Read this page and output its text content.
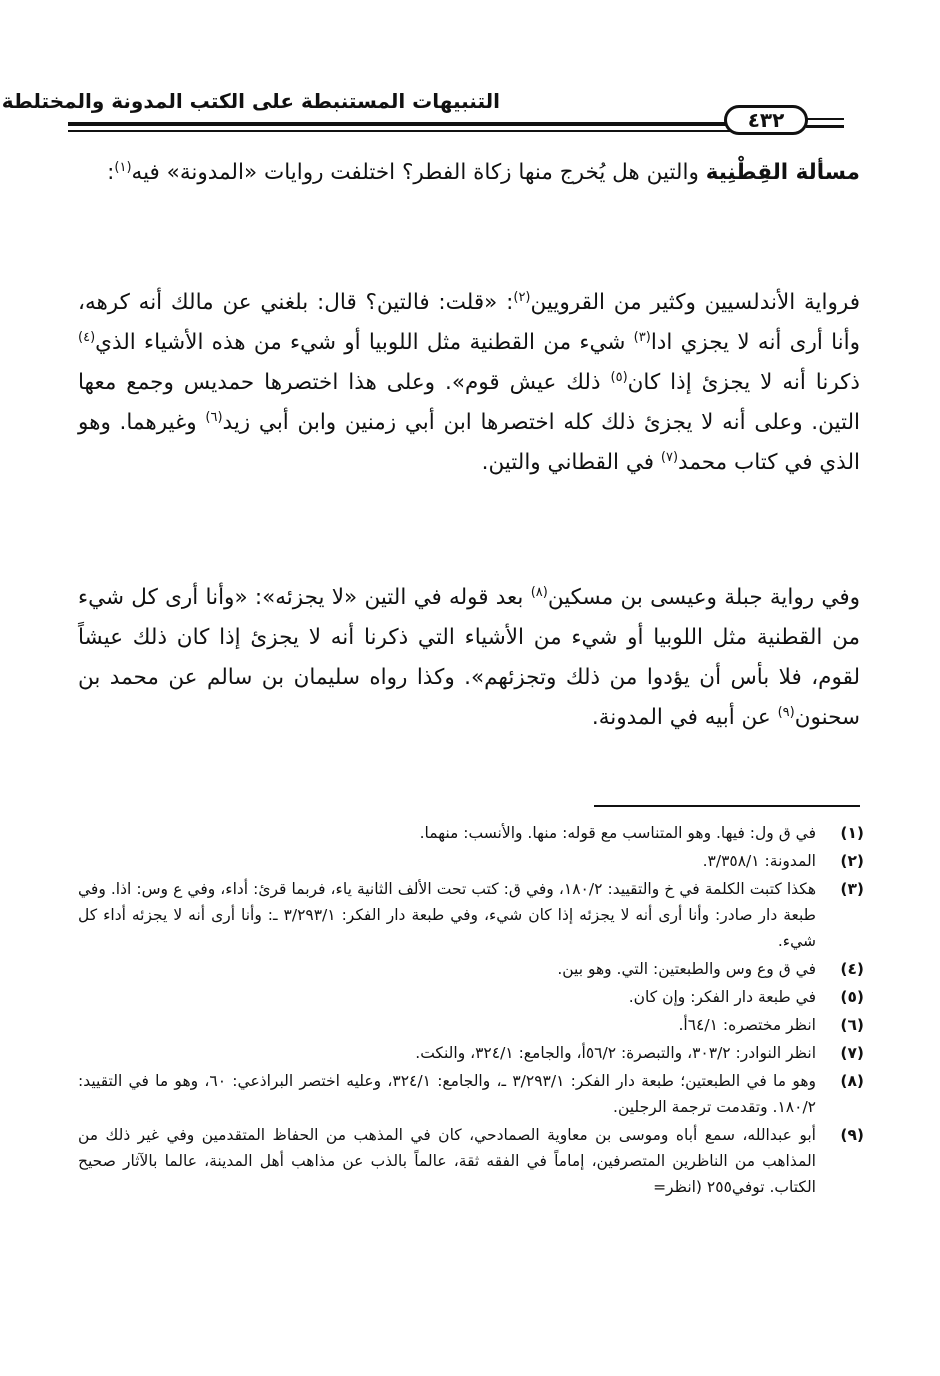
التنبيهات المستنبطة على الكتب المدونة والمختلطة
٤٣٢
مسألة القِطْنِية والتين هل يُخرج منها زكاة الفطر؟ اختلفت روايات «المدونة» فيه$^{(١)}$:
فرواية الأندلسيين وكثير من القرويين$^{(٢)}$: «قلت: فالتين؟ قال: بلغني عن مالك أنه كرهه، وأنا أرى أنه لا يجزي ادا$^{(٣)}$ شيء من القطنية مثل اللوبيا أو شيء من هذه الأشياء الذي$^{(٤)}$ ذكرنا أنه لا يجزئ إذا كان$^{(٥)}$ ذلك عيش قوم». وعلى هذا اختصرها حمديس وجمع معها التين. وعلى أنه لا يجزئ ذلك كله اختصرها ابن أبي زمنين وابن أبي زيد$^{(٦)}$ وغيرهما. وهو الذي في كتاب محمد$^{(٧)}$ في القطاني والتين.
وفي رواية جبلة وعيسى بن مسكين$^{(٨)}$ بعد قوله في التين «لا يجزئه»: «وأنا أرى كل شيء من القطنية مثل اللوبيا أو شيء من الأشياء التي ذكرنا أنه لا يجزئ إذا كان ذلك عيشاً لقوم، فلا بأس أن يؤدوا من ذلك وتجزئهم». وكذا رواه سليمان بن سالم عن محمد بن سحنون$^{(٩)}$ عن أبيه في المدونة.
(١)
في ق ول: فيها. وهو المتناسب مع قوله: منها. والأنسب: منهما.
(٢)
المدونة: ٣/٣٥٨/١.
(٣)
هكذا كتبت الكلمة في خ والتقييد: ١٨٠/٢، وفي ق: كتب تحت الألف الثانية ياء، فربما قرئ: أداء، وفي ع وس: اذا. وفي طبعة دار صادر: وأنا أرى أنه لا يجزئه إذا كان شيء، وفي طبعة دار الفكر: ٣/٢٩٣/١ ـ: وأنا أرى أنه لا يجزئه أداء كل شيء.
(٤)
في ق وع وس والطبعتين: التي. وهو بين.
(٥)
في طبعة دار الفكر: وإن كان.
(٦)
انظر مختصره: ٦٤/١أ.
(٧)
انظر النوادر: ٣٠٣/٢، والتبصرة: ٥٦/٢أ، والجامع: ٣٢٤/١، والنكت.
(٨)
وهو ما في الطبعتين؛ طبعة دار الفكر: ٣/٢٩٣/١ ـ، والجامع: ٣٢٤/١، وعليه اختصر البراذعي: ٦٠، وهو ما في التقييد: ١٨٠/٢. وتقدمت ترجمة الرجلين.
(٩)
أبو عبدالله، سمع أباه وموسى بن معاوية الصمادحي، كان في المذهب من الحفاظ المتقدمين وفي غير ذلك من المذاهب من الناظرين المتصرفين، إماماً في الفقه ثقة، عالماً بالذب عن مذاهب أهل المدينة، عالما بالآثار صحيح الكتاب. توفي٢٥٥ (انظر=
